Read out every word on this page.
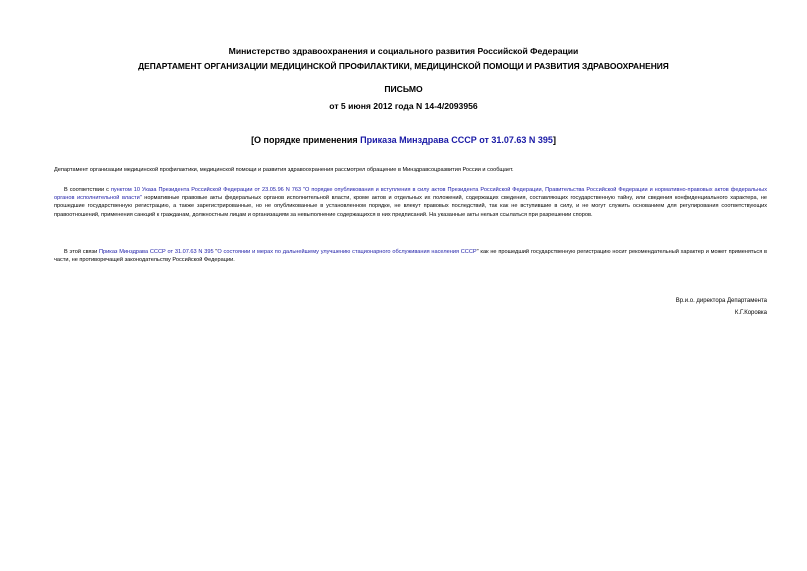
Министерство здравоохранения и социального развития Российской Федерации
ДЕПАРТАМЕНТ ОРГАНИЗАЦИИ МЕДИЦИНСКОЙ ПРОФИЛАКТИКИ, МЕДИЦИНСКОЙ ПОМОЩИ И РАЗВИТИЯ ЗДРАВООХРАНЕНИЯ
ПИСЬМО
от 5 июня 2012 года N 14-4/2093956
[О порядке применения Приказа Минздрава СССР от 31.07.63 N 395]
Департамент организации медицинской профилактики, медицинской помощи и развития здравоохранения рассмотрел обращение в Минздравсоцразвития России и сообщает.
В соответствии с пунктом 10 Указа Президента Российской Федерации от 23.05.96 N 763 "О порядке опубликования и вступления в силу актов Президента Российской Федерации, Правительства Российской Федерации и нормативно-правовых актов федеральных органов исполнительной власти" нормативные правовые акты федеральных органов исполнительной власти, кроме актов и отдельных их положений, содержащих сведения, составляющих государственную тайну, или сведения конфиденциального характера, не прошедшие государственную регистрацию, а также зарегистрированные, но не опубликованные в установленном порядке, не влекут правовых последствий, так как не вступившие в силу, и не могут служить основанием для регулирования соответствующих правоотношений, применения санкций к гражданам, должностным лицам и организациям за невыполнение содержащихся в них предписаний. На указанные акты нельзя ссылаться при разрешении споров.
В этой связи Приказ Минздрава СССР от 31.07.63 N 395 "О состоянии и мерах по дальнейшему улучшению стационарного обслуживания населения СССР" как не прошедший государственную регистрацию носит рекомендательный характер и может применяться в части, не противоречащей законодательству Российской Федерации.
Вр.и.о. директора Департамента
К.Г.Коровка
